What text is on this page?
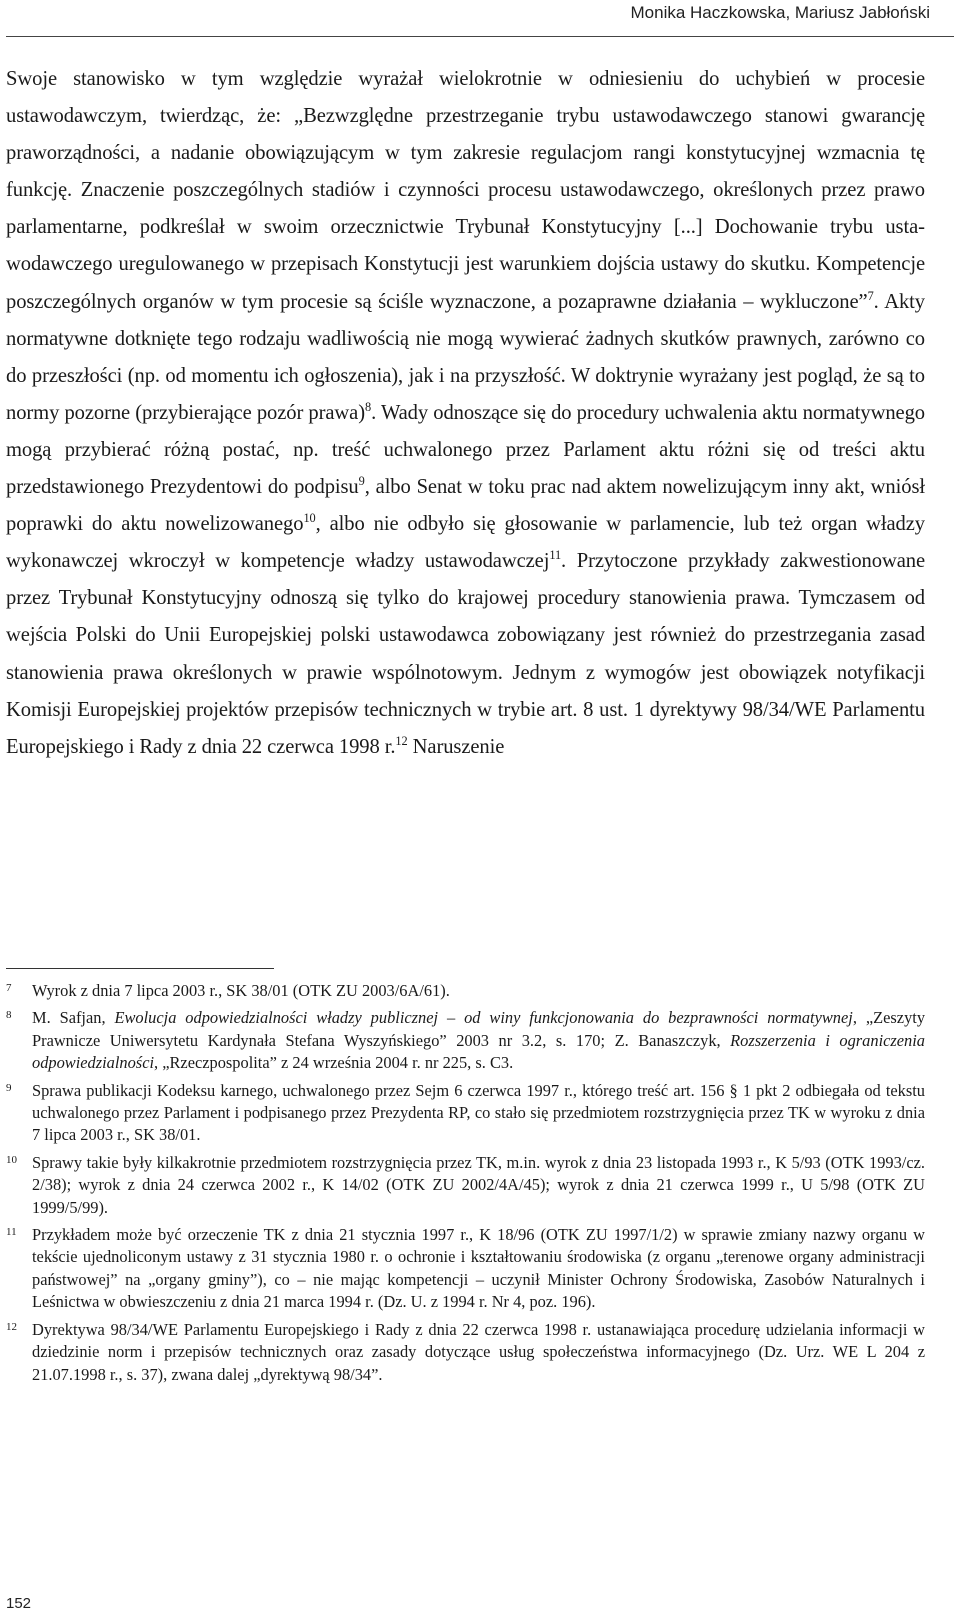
Monika Haczkowska, Mariusz Jabłoński

Swoje stanowisko w tym względzie wyrażał wielokrotnie w odniesieniu do uchybień w procesie ustawodawczym, twierdząc, że: „Bezwzględne przestrzeganie trybu ustawodawczego stanowi gwarancję praworządności, a nadanie obowiązującym w tym zakresie regulacjom rangi konstytucyjnej wzmacnia tę funkcję. Znaczenie poszczególnych stadiów i czynności procesu ustawodawczego, określonych przez prawo parlamentarne, podkreślał w swoim orzecznictwie Trybunał Konstytucyjny [...] Dochowanie trybu ustawodawczego uregulowanego w przepisach Konstytucji jest warunkiem dojścia ustawy do skutku. Kompetencje poszczególnych organów w tym procesie są ściśle wyznaczone, a pozaprawne działania – wykluczone”$^7$. Akty normatywne dotknięte tego rodzaju wadliwością nie mogą wywierać żadnych skutków prawnych, zarówno co do przeszłości (np. od momentu ich ogłoszenia), jak i na przyszłość. W doktrynie wyrażany jest pogląd, że są to normy pozorne (przybierające pozór prawa)$^8$. Wady odnoszące się do procedury uchwalenia aktu normatywnego mogą przybierać różną postać, np. treść uchwalonego przez Parlament aktu różni się od treści aktu przedstawionego Prezydentowi do podpisu$^9$, albo Senat w toku prac nad aktem nowelizującym inny akt, wniósł poprawki do aktu nowelizowanego$^{10}$, albo nie odbyło się głosowanie w parlamencie, lub też organ władzy wykonawczej wkroczył w kompetencje władzy ustawodawczej$^{11}$. Przytoczone przykłady zakwestionowane przez Trybunał Konstytucyjny odnoszą się tylko do krajowej procedury stanowienia prawa. Tymczasem od wejścia Polski do Unii Europejskiej polski ustawodawca zobowiązany jest również do przestrzegania zasad stanowienia prawa określonych w prawie wspólnotowym. Jednym z wymogów jest obowiązek notyfikacji Komisji Europejskiej projektów przepisów technicznych w trybie art. 8 ust. 1 dyrektywy 98/34/WE Parlamentu Europejskiego i Rady z dnia 22 czerwca 1998 r.$^{12}$ Naruszenie

7 Wyrok z dnia 7 lipca 2003 r., SK 38/01 (OTK ZU 2003/6A/61).
8 M. Safjan, Ewolucja odpowiedzialności władzy publicznej – od winy funkcjonowania do bezprawności normatywnej, „Zeszyty Prawnicze Uniwersytetu Kardynała Stefana Wyszyńskiego” 2003 nr 3.2, s. 170; Z. Banaszczyk, Rozszerzenia i ograniczenia odpowiedzialności, „Rzeczpospolita” z 24 września 2004 r. nr 225, s. C3.
9 Sprawa publikacji Kodeksu karnego, uchwalonego przez Sejm 6 czerwca 1997 r., którego treść art. 156 § 1 pkt 2 odbiegała od tekstu uchwalonego przez Parlament i podpisanego przez Prezydenta RP, co stało się przedmiotem rozstrzygnięcia przez TK w wyroku z dnia 7 lipca 2003 r., SK 38/01.
10 Sprawy takie były kilkakrotnie przedmiotem rozstrzygnięcia przez TK, m.in. wyrok z dnia 23 listopada 1993 r., K 5/93 (OTK 1993/cz. 2/38); wyrok z dnia 24 czerwca 2002 r., K 14/02 (OTK ZU 2002/4A/45); wyrok z dnia 21 czerwca 1999 r., U 5/98 (OTK ZU 1999/5/99).
11 Przykładem może być orzeczenie TK z dnia 21 stycznia 1997 r., K 18/96 (OTK ZU 1997/1/2) w sprawie zmiany nazwy organu w tekście ujednoliconym ustawy z 31 stycznia 1980 r. o ochronie i kształtowaniu środowiska (z organu „terenowe organy administracji państwowej” na „organy gminy”), co – nie mając kompetencji – uczynił Minister Ochrony Środowiska, Zasobów Naturalnych i Leśnictwa w obwieszczeniu z dnia 21 marca 1994 r. (Dz. U. z 1994 r. Nr 4, poz. 196).
12 Dyrektywa 98/34/WE Parlamentu Europejskiego i Rady z dnia 22 czerwca 1998 r. ustanawiająca procedurę udzielania informacji w dziedzinie norm i przepisów technicznych oraz zasady dotyczące usług społeczeństwa informacyjnego (Dz. Urz. WE L 204 z 21.07.1998 r., s. 37), zwana dalej „dyrektywą 98/34”.
152
